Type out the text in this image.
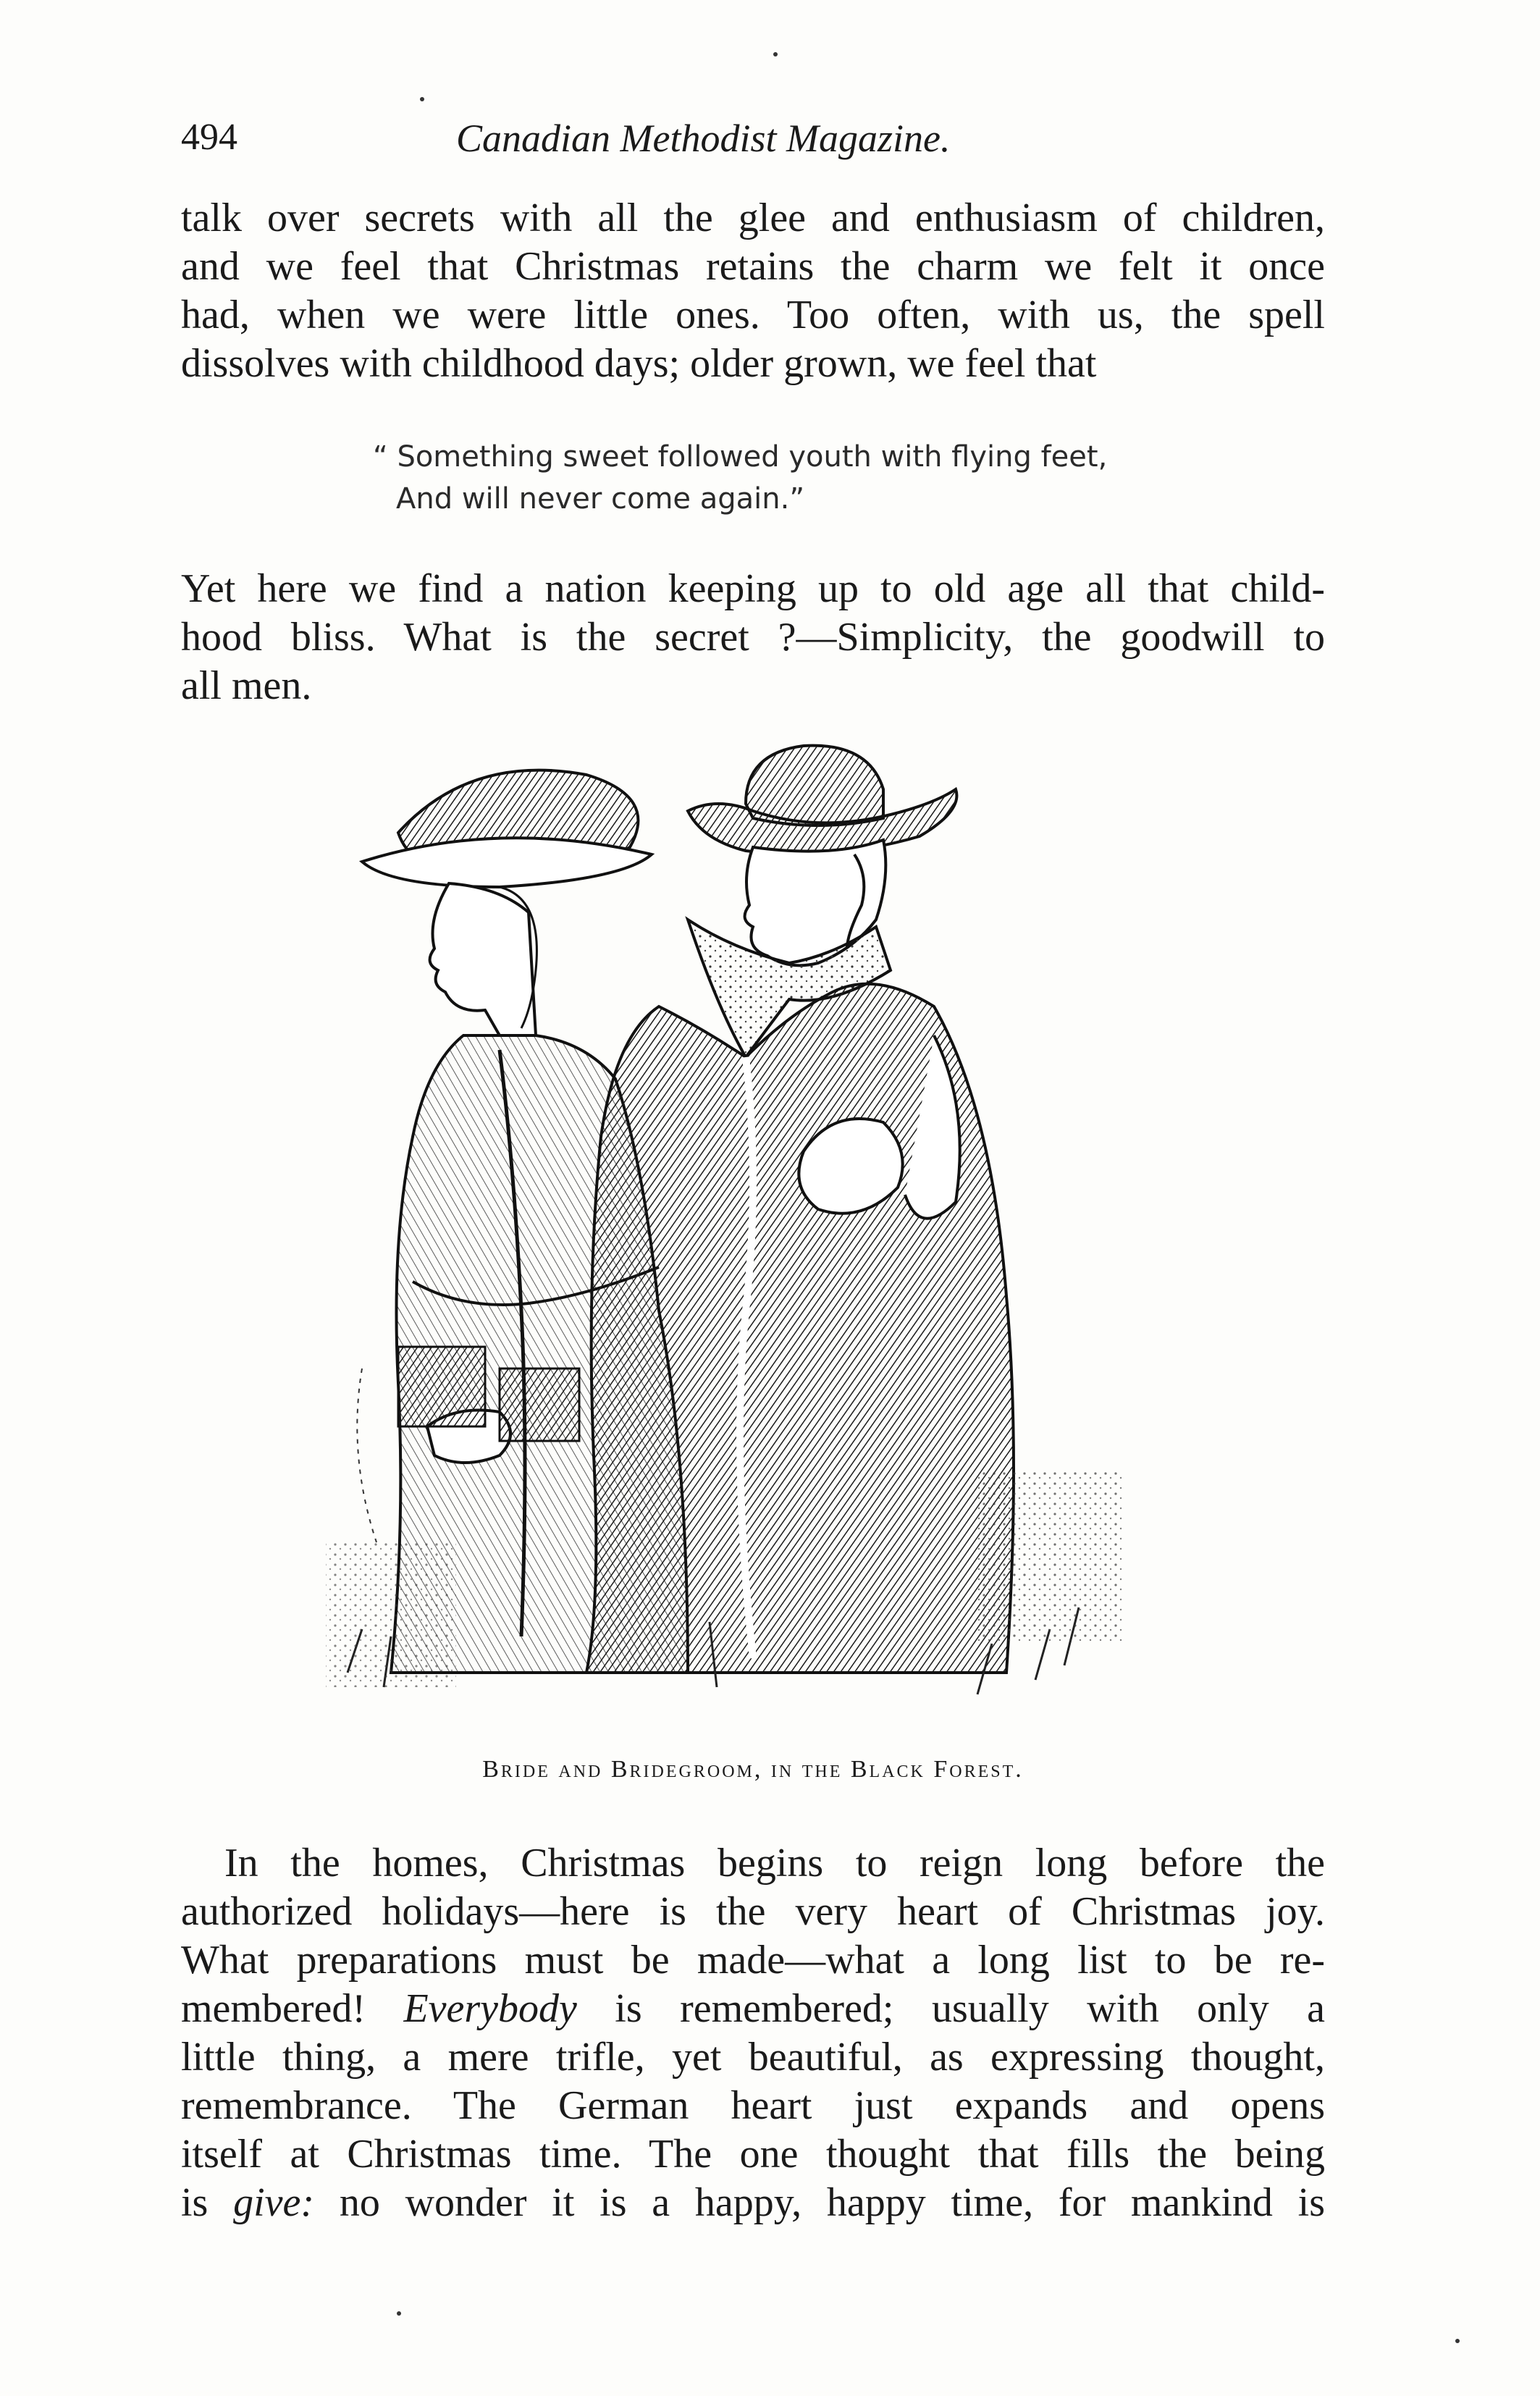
494	Canadian Methodist Magazine.
talk over secrets with all the glee and enthusiasm of children,
and we feel that Christmas retains the charm we felt it once
had, when we were little ones. Too often, with us, the spell
dissolves with childhood days; older grown, we feel that
“ Something sweet followed youth with flying feet,
And will never come again.”
Yet here we find a nation keeping up to old age all that child-
hood bliss. What is the secret ?—Simplicity, the goodwill to
all men.
Bride and Bridegroom, in the Black Forest.
In the homes, Christmas begins to reign long before the
authorized holidays—here is the very heart of Christmas joy.
What preparations must be made—what a long list to be re-
membered! Everybody is remembered; usually with only a
little thing, a mere trifle, yet beautiful, as expressing thought,
remembrance. The German heart just expands and opens
itself at Christmas time. The one thought that fills the being
is give: no wonder it is a happy, happy time, for mankind is
